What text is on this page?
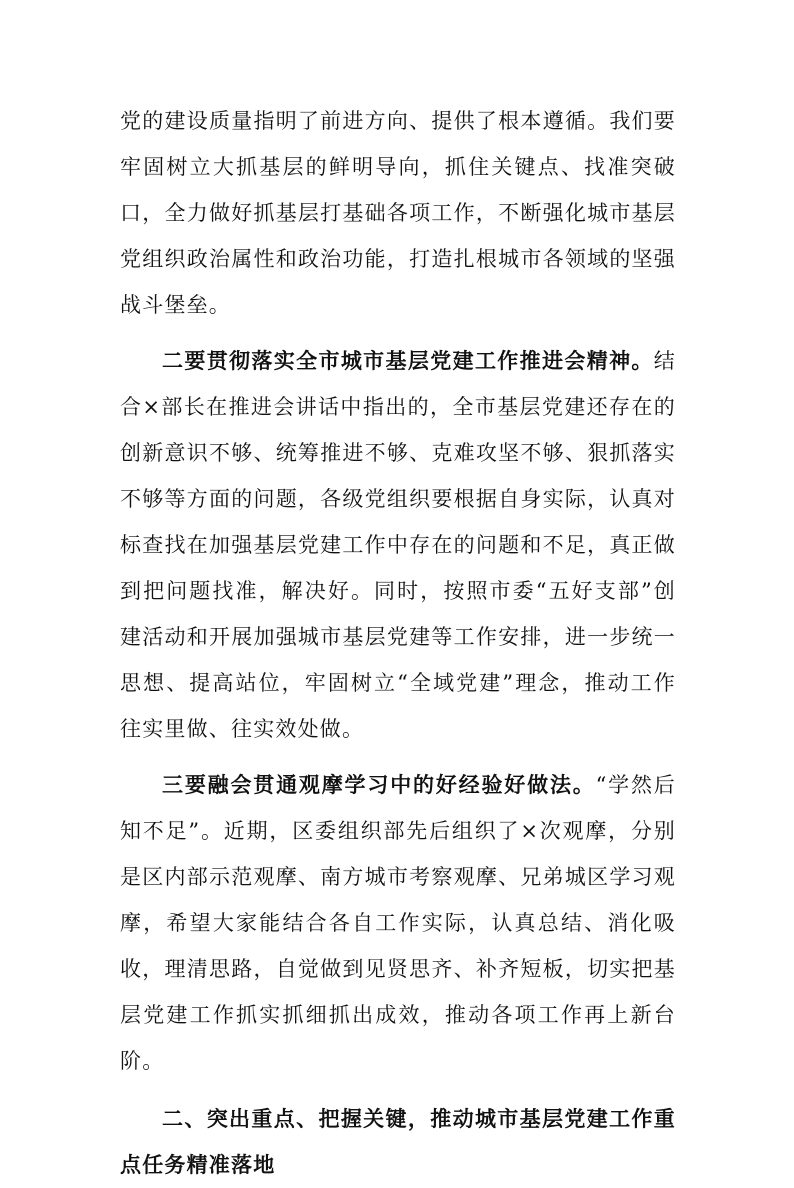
党的建设质量指明了前进方向、提供了根本遵循。我们要牢固树立大抓基层的鲜明导向，抓住关键点、找准突破口，全力做好抓基层打基础各项工作，不断强化城市基层党组织政治属性和政治功能，打造扎根城市各领域的坚强战斗堡垒。

二要贯彻落实全市城市基层党建工作推进会精神。结合×部长在推进会讲话中指出的，全市基层党建还存在的创新意识不够、统筹推进不够、克难攻坚不够、狠抓落实不够等方面的问题，各级党组织要根据自身实际，认真对标查找在加强基层党建工作中存在的问题和不足，真正做到把问题找准，解决好。同时，按照市委“五好支部”创建活动和开展加强城市基层党建等工作安排，进一步统一思想、提高站位，牢固树立“全域党建”理念，推动工作往实里做、往实效处做。

三要融会贯通观摩学习中的好经验好做法。“学然后知不足”。近期，区委组织部先后组织了×次观摩，分别是区内部示范观摩、南方城市考察观摩、兄弟城区学习观摩，希望大家能结合各自工作实际，认真总结、消化吸收，理清思路，自觉做到见贤思齐、补齐短板，切实把基层党建工作抓实抓细抓出成效，推动各项工作再上新台阶。

二、突出重点、把握关键，推动城市基层党建工作重点任务精准落地
